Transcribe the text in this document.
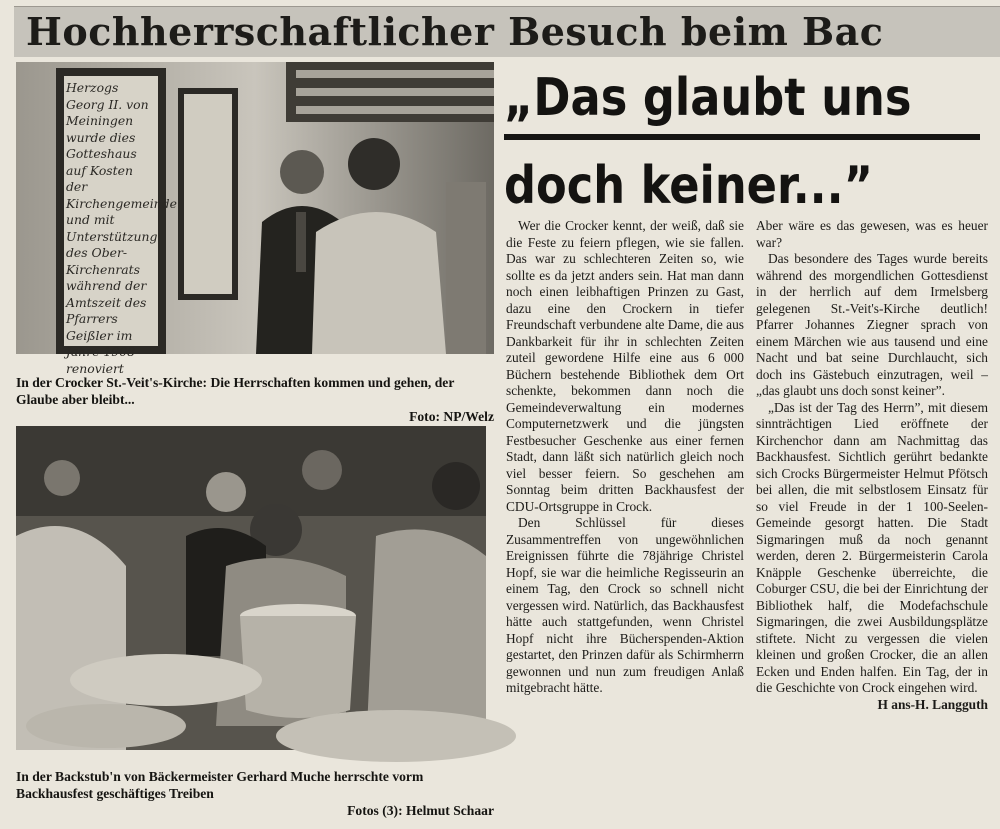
Hochherrschaftlicher Besuch beim Bac
„Das glaubt uns
doch keiner...”
Herzogs Georg II. von Meiningen wurde dies Gotteshaus auf Kosten der Kirchengemeinde und mit Unterstützung des Ober-Kirchenrats während der Amtszeit des Pfarrers Geißler im Jahre 1908 renoviert
In der Crocker St.-Veit's-Kirche: Die Herrschaften kommen und gehen, der Glaube aber bleibt...
Foto: NP/Welz
In der Backstub'n von Bäckermeister Gerhard Muche herrschte vorm Backhausfest geschäftiges Treiben
Fotos (3): Helmut Schaar

Wer die Crocker kennt, der weiß, daß sie die Feste zu feiern pflegen, wie sie fallen. Das war zu schlechteren Zeiten so, wie sollte es da jetzt anders sein. Hat man dann noch einen leibhaftigen Prinzen zu Gast, dazu eine den Crockern in tiefer Freundschaft verbundene alte Dame, die aus Dankbarkeit für ihr in schlechten Zeiten zuteil gewordene Hilfe eine aus 6 000 Büchern bestehende Bibliothek dem Ort schenkte, bekommen dann noch die Gemeindeverwaltung ein modernes Computernetzwerk und die jüngsten Festbesucher Geschenke aus einer fernen Stadt, dann läßt sich natürlich gleich noch viel besser feiern. So geschehen am Sonntag beim dritten Backhausfest der CDU-Ortsgruppe in Crock.

Den Schlüssel für dieses Zusammentreffen von ungewöhnlichen Ereignissen führte die 78jährige Christel Hopf, sie war die heimliche Regisseurin an einem Tag, den Crock so schnell nicht vergessen wird. Natürlich, das Backhausfest hätte auch stattgefunden, wenn Christel Hopf nicht ihre Bücherspenden-Aktion gestartet, den Prinzen dafür als Schirmherrn gewonnen und nun zum freudigen Anlaß mitgebracht hätte.

Aber wäre es das gewesen, was es heuer war?

Das besondere des Tages wurde bereits während des morgendlichen Gottesdienst in der herrlich auf dem Irmelsberg gelegenen St.-Veit's-Kirche deutlich! Pfarrer Johannes Ziegner sprach von einem Märchen wie aus tausend und eine Nacht und bat seine Durchlaucht, sich doch ins Gästebuch einzutragen, weil – „das glaubt uns doch sonst keiner”.

„Das ist der Tag des Herrn”, mit diesem sinnträchtigen Lied eröffnete der Kirchenchor dann am Nachmittag das Backhausfest. Sichtlich gerührt bedankte sich Crocks Bürgermeister Helmut Pfötsch bei allen, die mit selbstlosem Einsatz für so viel Freude in der 1 100-Seelen-Gemeinde gesorgt hatten. Die Stadt Sigmaringen muß da noch genannt werden, deren 2. Bürgermeisterin Carola Knäpple Geschenke überreichte, die Coburger CSU, die bei der Einrichtung der Bibliothek half, die Modefachschule Sigmaringen, die zwei Ausbildungsplätze stiftete. Nicht zu vergessen die vielen kleinen und großen Crocker, die an allen Ecken und Enden halfen. Ein Tag, der in die Geschichte von Crock eingehen wird.

H ans-H. Langguth
